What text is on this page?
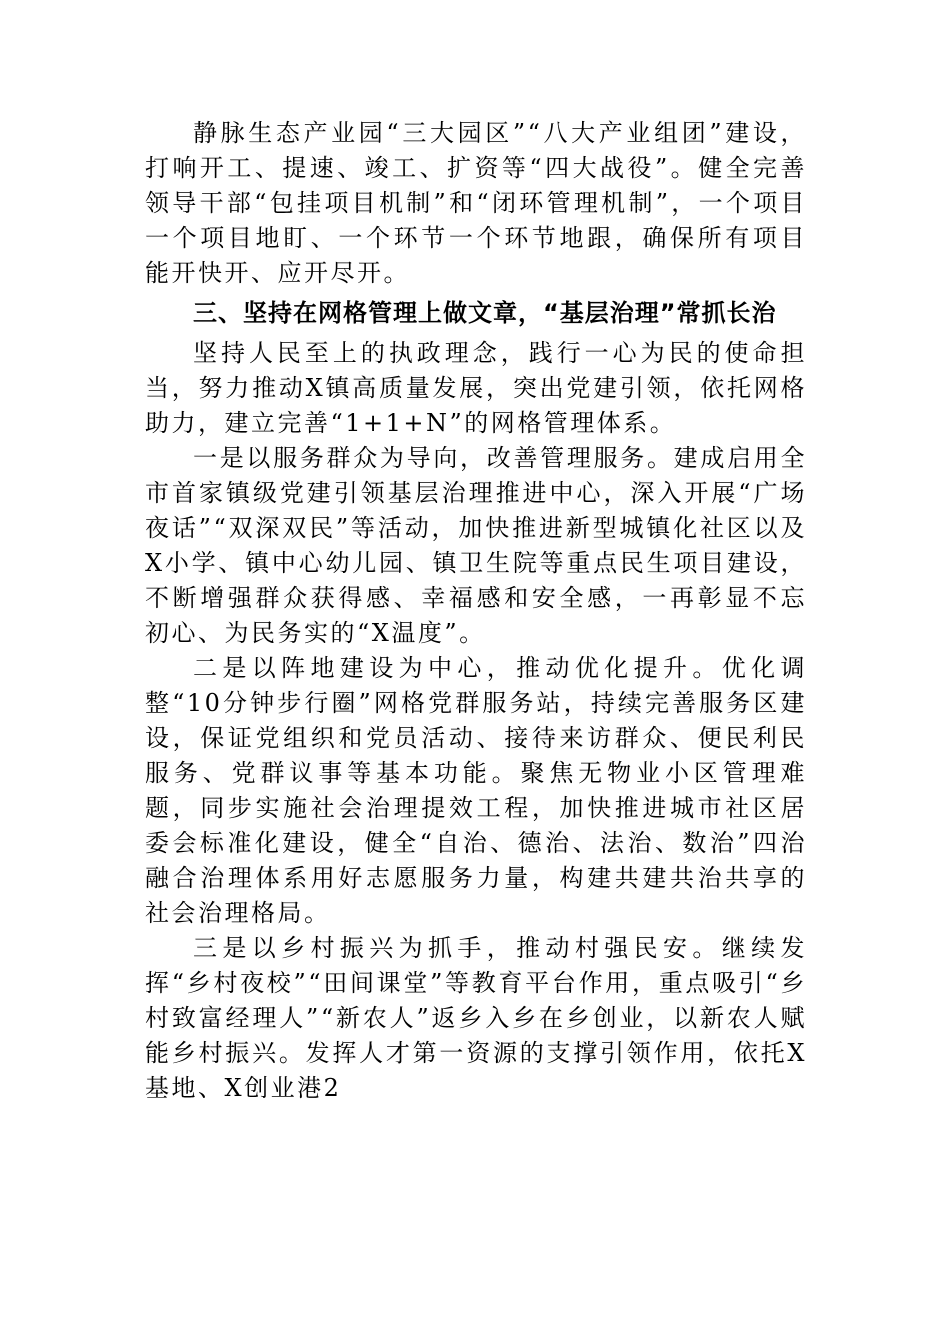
静脉生态产业园“三大园区”“八大产业组团”建设，打响开工、提速、竣工、扩资等“四大战役”。健全完善领导干部“包挂项目机制”和“闭环管理机制”，一个项目一个项目地盯、一个环节一个环节地跟，确保所有项目能开快开、应开尽开。

三、坚持在网格管理上做文章，“基层治理”常抓长治

坚持人民至上的执政理念，践行一心为民的使命担当，努力推动X镇高质量发展，突出党建引领，依托网格助力，建立完善“1+1+N”的网格管理体系。

一是以服务群众为导向，改善管理服务。建成启用全市首家镇级党建引领基层治理推进中心，深入开展“广场夜话”“双深双民”等活动，加快推进新型城镇化社区以及X小学、镇中心幼儿园、镇卫生院等重点民生项目建设，不断增强群众获得感、幸福感和安全感，一再彰显不忘初心、为民务实的“X温度”。

二是以阵地建设为中心，推动优化提升。优化调整“10分钟步行圈”网格党群服务站，持续完善服务区建设，保证党组织和党员活动、接待来访群众、便民利民服务、党群议事等基本功能。聚焦无物业小区管理难题，同步实施社会治理提效工程，加快推进城市社区居委会标准化建设，健全“自治、德治、法治、数治”四治融合治理体系用好志愿服务力量，构建共建共治共享的社会治理格局。

三是以乡村振兴为抓手，推动村强民安。继续发挥“乡村夜校”“田间课堂”等教育平台作用，重点吸引“乡村致富经理人”“新农人”返乡入乡在乡创业，以新农人赋能乡村振兴。发挥人才第一资源的支撑引领作用，依托X基地、X创业港2
